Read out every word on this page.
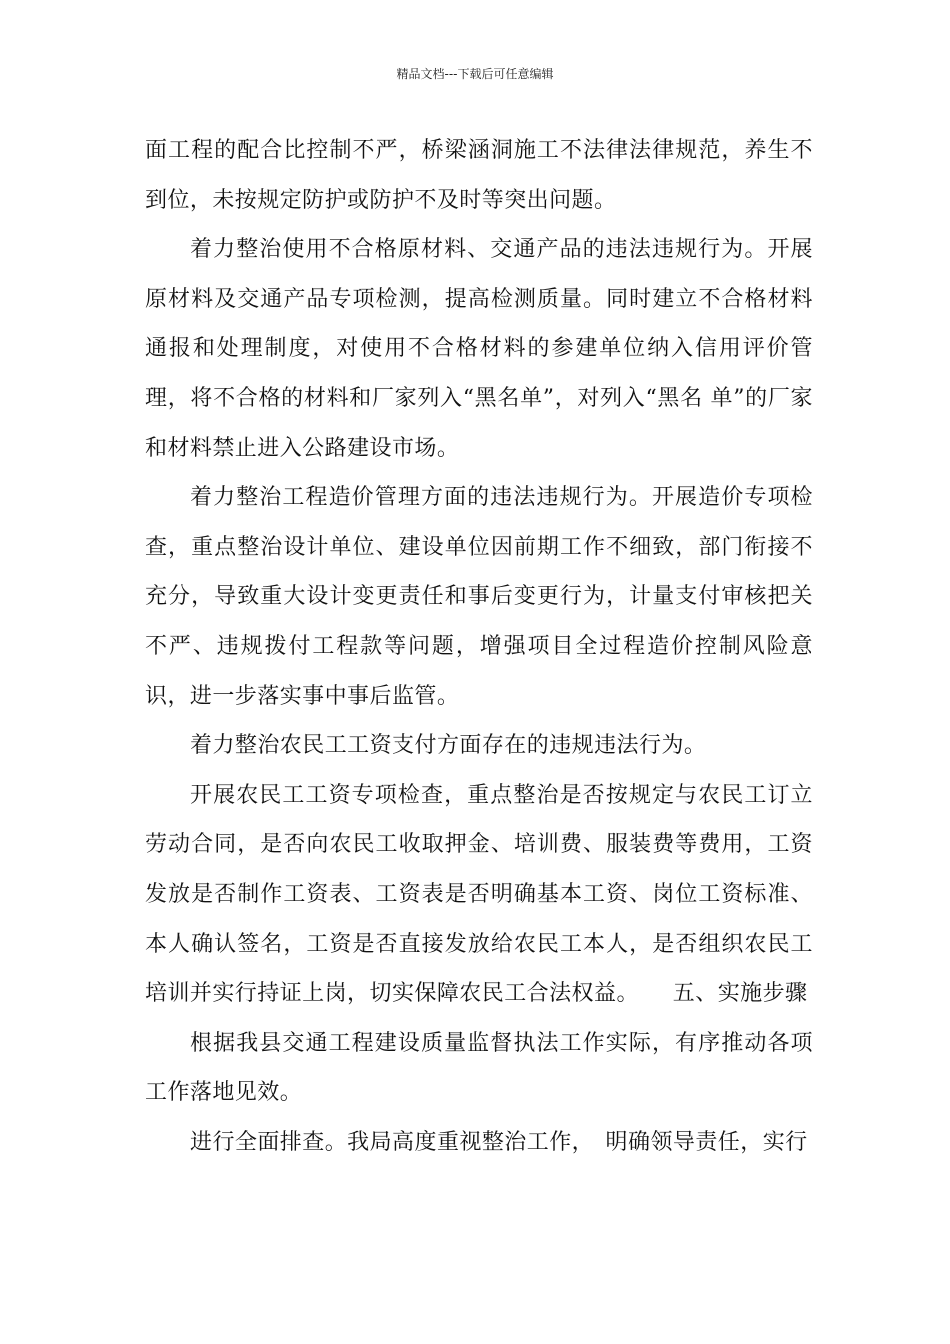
精品文档---下载后可任意编辑

面工程的配合比控制不严，桥梁涵洞施工不法律法律规范，养生不到位，未按规定防护或防护不及时等突出问题。

着力整治使用不合格原材料、交通产品的违法违规行为。开展原材料及交通产品专项检测，提高检测质量。同时建立不合格材料通报和处理制度，对使用不合格材料的参建单位纳入信用评价管理，将不合格的材料和厂家列入“黑名单”，对列入“黑名 单”的厂家和材料禁止进入公路建设市场。

着力整治工程造价管理方面的违法违规行为。开展造价专项检查，重点整治设计单位、建设单位因前期工作不细致，部门衔接不充分，导致重大设计变更责任和事后变更行为，计量支付审核把关不严、违规拨付工程款等问题，增强项目全过程造价控制风险意识，进一步落实事中事后监管。

着力整治农民工工资支付方面存在的违规违法行为。

开展农民工工资专项检查，重点整治是否按规定与农民工订立劳动合同，是否向农民工收取押金、培训费、服装费等费用，工资发放是否制作工资表、工资表是否明确基本工资、岗位工资标准、本人确认签名，工资是否直接发放给农民工本人，是否组织农民工培训并实行持证上岗，切实保障农民工合法权益。　　五、实施步骤

根据我县交通工程建设质量监督执法工作实际，有序推动各项工作落地见效。

进行全面排查。我局高度重视整治工作，　明确领导责任，实行
